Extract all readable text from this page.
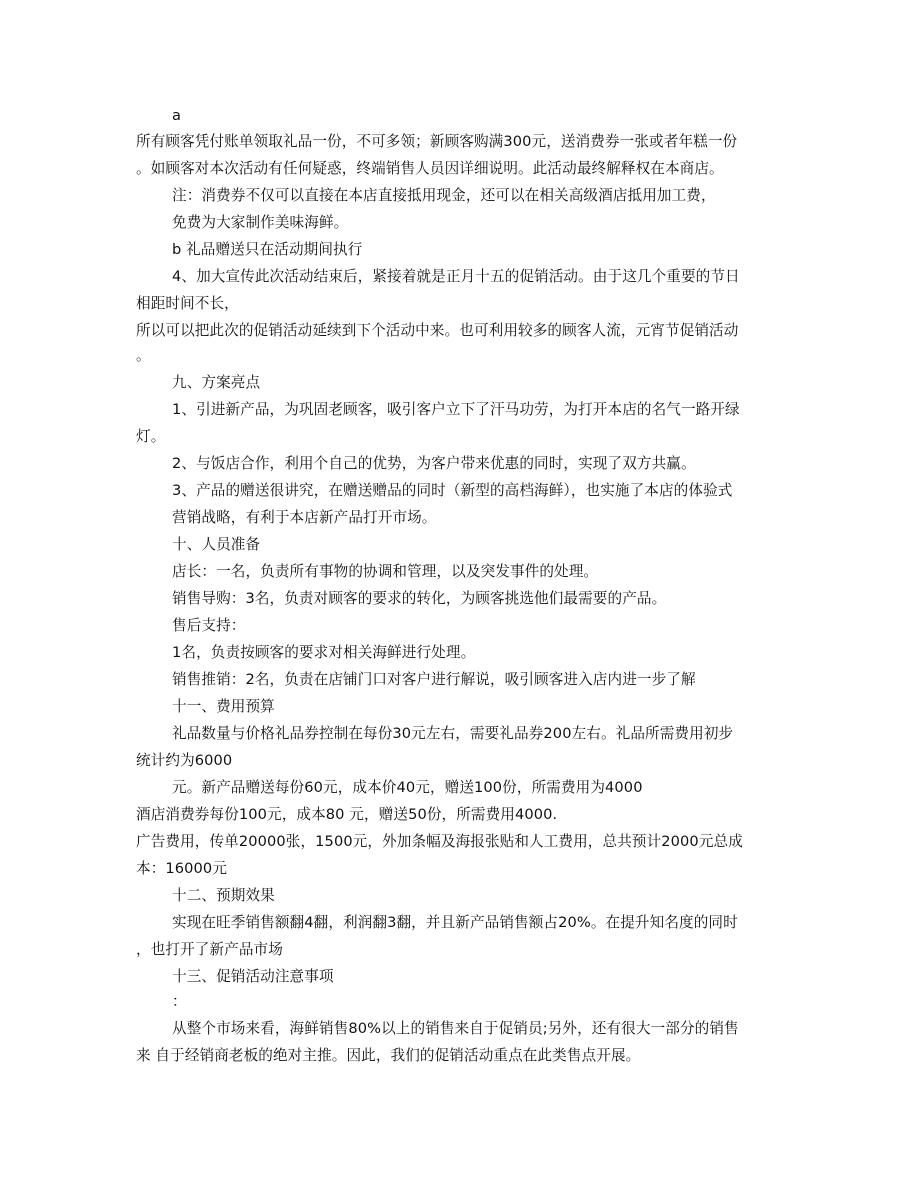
a
所有顾客凭付账单领取礼品一份，不可多领；新顾客购满300元，送消费券一张或者年糕一份
。如顾客对本次活动有任何疑惑，终端销售人员因详细说明。此活动最终解释权在本商店。
注：消费券不仅可以直接在本店直接抵用现金，还可以在相关高级酒店抵用加工费，
免费为大家制作美味海鲜。
b 礼品赠送只在活动期间执行
4、加大宣传此次活动结束后，紧接着就是正月十五的促销活动。由于这几个重要的节日
相距时间不长，
所以可以把此次的促销活动延续到下个活动中来。也可利用较多的顾客人流，元宵节促销活动
。
九、方案亮点
1、引进新产品，为巩固老顾客，吸引客户立下了汗马功劳，为打开本店的名气一路开绿
灯。
2、与饭店合作，利用个自己的优势，为客户带来优惠的同时，实现了双方共赢。
3、产品的赠送很讲究，在赠送赠品的同时（新型的高档海鲜），也实施了本店的体验式
营销战略，有利于本店新产品打开市场。
十、人员准备
店长：一名，负责所有事物的协调和管理，以及突发事件的处理。
销售导购：3名，负责对顾客的要求的转化，为顾客挑选他们最需要的产品。
售后支持：
1名，负责按顾客的要求对相关海鲜进行处理。
销售推销：2名，负责在店铺门口对客户进行解说，吸引顾客进入店内进一步了解
十一、费用预算
礼品数量与价格礼品券控制在每份30元左右，需要礼品券200左右。礼品所需费用初步
统计约为6000
元。新产品赠送每份60元，成本价40元，赠送100份，所需费用为4000
酒店消费券每份100元，成本80 元，赠送50份，所需费用4000.
广告费用，传单20000张，1500元，外加条幅及海报张贴和人工费用，总共预计2000元总成
本：16000元
十二、预期效果
实现在旺季销售额翻4翻，利润翻3翻，并且新产品销售额占20%。在提升知名度的同时
，也打开了新产品市场
十三、促销活动注意事项
：
从整个市场来看，海鲜销售80%以上的销售来自于促销员;另外，还有很大一部分的销售
来 自于经销商老板的绝对主推。因此，我们的促销活动重点在此类售点开展。
